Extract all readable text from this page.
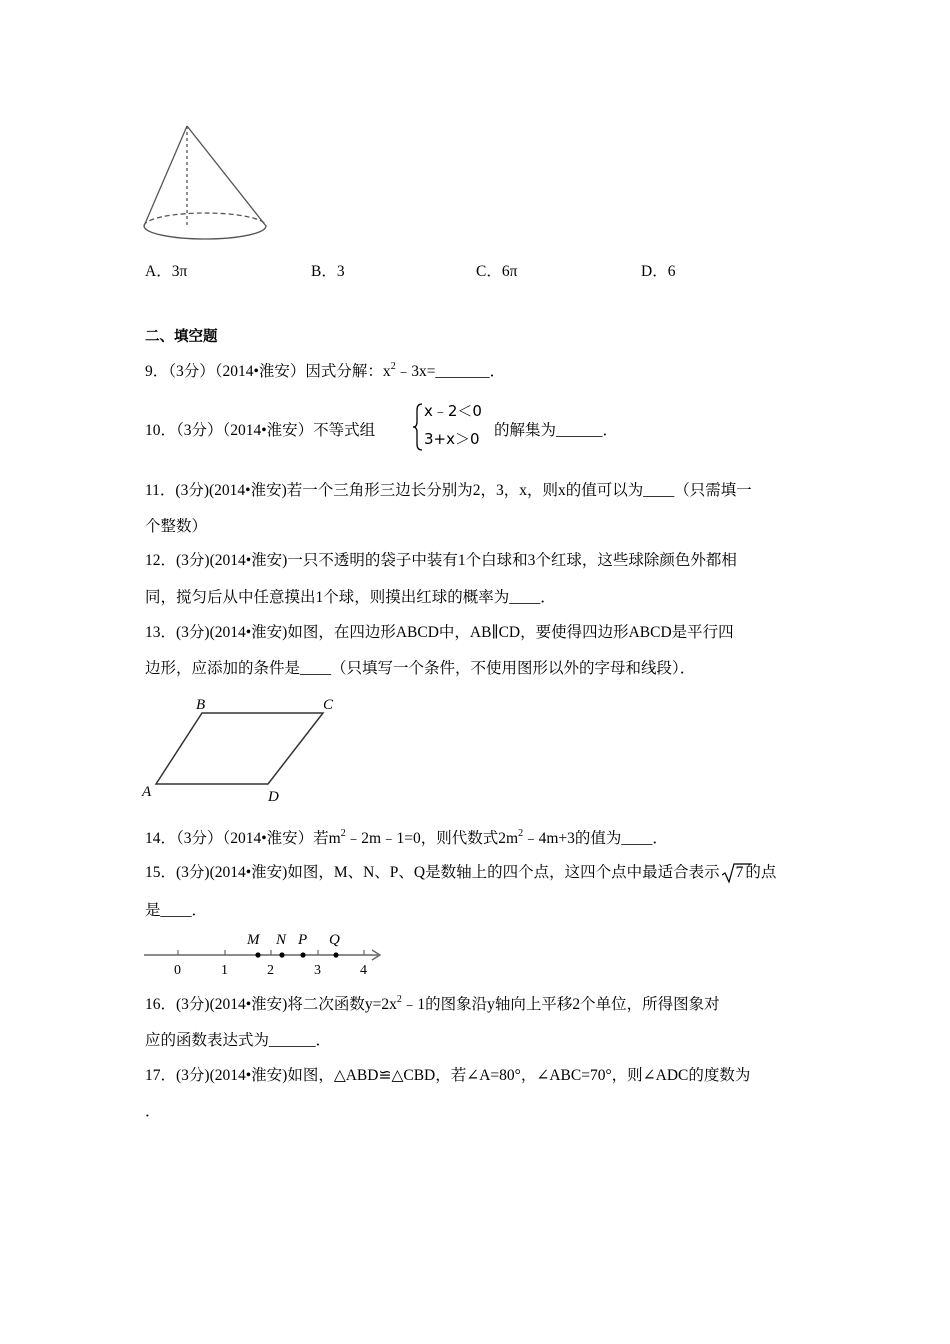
A．3π	B．3	C．6π	D．6
二、填空题
9．（3分）（2014•淮安）因式分解：$x^2﹣3x=\_\_\_\_\_\_\_$．
10．（3分）（2014•淮安）不等式组
x﹣2＜0
3+x＞0 的解集为______．
11．(3分)(2014•淮安)若一个三角形三边长分别为2，3，x，则x的值可以为____（只需填一
个整数）
12．(3分)(2014•淮安)一只不透明的袋子中装有1个白球和3个红球，这些球除颜色外都相
同，搅匀后从中任意摸出1个球，则摸出红球的概率为____．
13．(3分)(2014•淮安)如图，在四边形ABCD中，AB∥CD，要使得四边形ABCD是平行四
边形，应添加的条件是____（只填写一个条件，不使用图形以外的字母和线段）．
B	C
A	D
14．（3分）（2014•淮安）若$m^2﹣2m﹣1=0$，则代数式$2m^2﹣4m+3$的值为____．
15．(3分)(2014•淮安)如图，M、N、P、Q是数轴上的四个点，这四个点中最适合表示 7 的点
是____．
M N P Q
0	1	2	3	4
16．(3分)(2014•淮安)将二次函数$y=2x^2﹣1$的图象沿y轴向上平移2个单位，所得图象对
应的函数表达式为______．
17．(3分)(2014•淮安)如图，△ABD≌△CBD，若∠A=80°，∠ABC=70°，则∠ADC的度数为
．
